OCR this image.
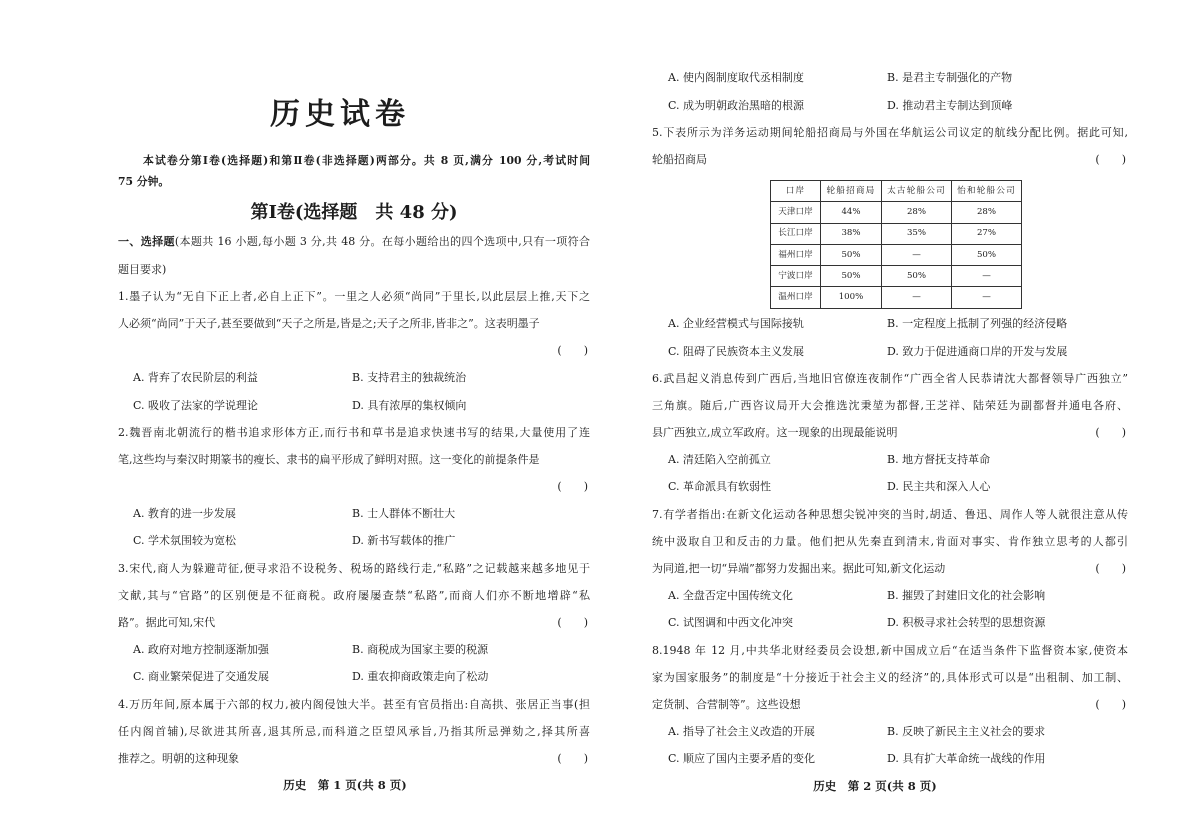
历史试卷
本试卷分第Ⅰ卷(选择题)和第Ⅱ卷(非选择题)两部分。共 8 页,满分 100 分,考试时间
75 分钟。
第Ⅰ卷(选择题　共 48 分)
一、选择题(本题共 16 小题,每小题 3 分,共 48 分。在每小题给出的四个选项中,只有一项符合
题目要求)
1.墨子认为“无自下正上者,必自上正下”。一里之人必须“尚同”于里长,以此层层上推,天下之
人必须“尚同”于天子,甚至要做到“天子之所是,皆是之;天子之所非,皆非之”。这表明墨子
(　　)
A. 背弃了农民阶层的利益	B. 支持君主的独裁统治
C. 吸收了法家的学说理论	D. 具有浓厚的集权倾向
2.魏晋南北朝流行的楷书追求形体方正,而行书和草书是追求快速书写的结果,大量使用了连
笔,这些均与秦汉时期篆书的瘦长、隶书的扁平形成了鲜明对照。这一变化的前提条件是
(　　)
A. 教育的进一步发展	B. 士人群体不断壮大
C. 学术氛围较为宽松	D. 新书写载体的推广
3.宋代,商人为躲避苛征,便寻求沿不设税务、税场的路线行走,“私路”之记载越来越多地见于
文献,其与“官路”的区别便是不征商税。政府屡屡查禁“私路”,而商人们亦不断地增辟“私
路”。据此可知,宋代	(　　)
A. 政府对地方控制逐渐加强	B. 商税成为国家主要的税源
C. 商业繁荣促进了交通发展	D. 重农抑商政策走向了松动
4.万历年间,原本属于六部的权力,被内阁侵蚀大半。甚至有官员指出:自高拱、张居正当事(担
任内阁首辅),尽欲进其所喜,退其所忌,而科道之臣望风承旨,乃指其所忌弹劾之,择其所喜
推荐之。明朝的这种现象	(　　)
历史　第 1 页(共 8 页)
A. 使内阁制度取代丞相制度	B. 是君主专制强化的产物
C. 成为明朝政治黑暗的根源	D. 推动君主专制达到顶峰
5.下表所示为洋务运动期间轮船招商局与外国在华航运公司议定的航线分配比例。据此可知,
轮船招商局	(　　)
口岸	轮船招商局	太古轮船公司	怡和轮船公司
天津口岸	44%	28%	28%
长江口岸	38%	35%	27%
福州口岸	50%	—	50%
宁波口岸	50%	50%	—
温州口岸	100%	—	—
A. 企业经营模式与国际接轨	B. 一定程度上抵制了列强的经济侵略
C. 阻碍了民族资本主义发展	D. 致力于促进通商口岸的开发与发展
6.武昌起义消息传到广西后,当地旧官僚连夜制作“广西全省人民恭请沈大都督领导广西独立”
三角旗。随后,广西咨议局开大会推选沈秉堃为都督,王芝祥、陆荣廷为副都督并通电各府、
县广西独立,成立军政府。这一现象的出现最能说明	(　　)
A. 清廷陷入空前孤立	B. 地方督抚支持革命
C. 革命派具有软弱性	D. 民主共和深入人心
7.有学者指出:在新文化运动各种思想尖锐冲突的当时,胡适、鲁迅、周作人等人就很注意从传
统中汲取自卫和反击的力量。他们把从先秦直到清末,肯面对事实、肯作独立思考的人都引
为同道,把一切“异端”都努力发掘出来。据此可知,新文化运动	(　　)
A. 全盘否定中国传统文化	B. 摧毁了封建旧文化的社会影响
C. 试图调和中西文化冲突	D. 积极寻求社会转型的思想资源
8.1948 年 12 月,中共华北财经委员会设想,新中国成立后“在适当条件下监督资本家,使资本
家为国家服务”的制度是“十分接近于社会主义的经济”的,具体形式可以是“出租制、加工制、
定货制、合营制等”。这些设想	(　　)
A. 指导了社会主义改造的开展	B. 反映了新民主主义社会的要求
C. 顺应了国内主要矛盾的变化	D. 具有扩大革命统一战线的作用
历史　第 2 页(共 8 页)
